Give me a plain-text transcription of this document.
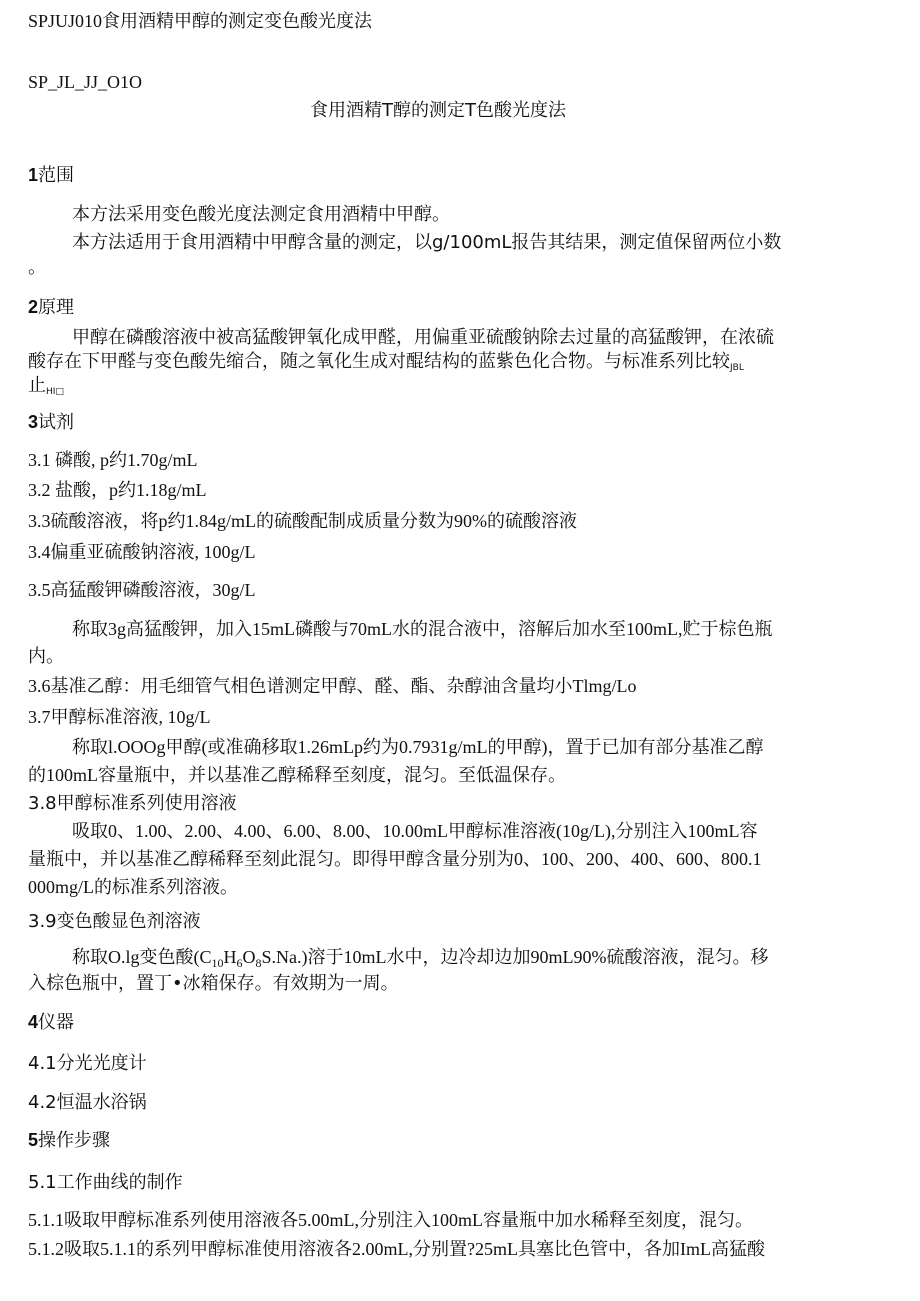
SPJUJ010食用酒精甲醇的测定变色酸光度法
SP_JL_JJ_O1O
食用酒精T醇的测定T色酸光度法
1范围
本方法采用变色酸光度法测定食用酒精中甲醇。
本方法适用于食用酒精中甲醇含量的测定，以g/100mL报告其结果，测定值保留两位小数
。
2原理
甲醇在磷酸溶液中被高猛酸钾氧化成甲醛，用偏重亚硫酸钠除去过量的高猛酸钾，在浓硫
酸存在下甲醛与变色酸先缩合，随之氧化生成对醌结构的蓝紫色化合物。与标准系列比较JBL
止HI□
3试剂
3.1 磷酸, p约1.70g/mL
3.2 盐酸，p约1.18g/mL
3.3硫酸溶液，将p约1.84g/mL的硫酸配制成质量分数为90%的硫酸溶液
3.4偏重亚硫酸钠溶液, 100g/L
3.5高猛酸钾磷酸溶液，30g/L
称取3g高猛酸钾，加入15mL磷酸与70mL水的混合液中，溶解后加水至100mL,贮于棕色瓶
内。
3.6基准乙醇：用毛细管气相色谱测定甲醇、醛、酯、杂醇油含量均小Tlmg/Lo
3.7甲醇标准溶液, 10g/L
称取l.OOOg甲醇(或准确移取1.26mLp约为0.7931g/mL的甲醇)，置于已加有部分基准乙醇
的100mL容量瓶中，并以基准乙醇稀释至刻度，混匀。至低温保存。
3.8甲醇标准系列使用溶液
吸取0、1.00、2.00、4.00、6.00、8.00、10.00mL甲醇标准溶液(10g/L),分别注入100mL容
量瓶中，并以基准乙醇稀释至刻此混匀。即得甲醇含量分别为0、100、200、400、600、800.1
000mg/L的标准系列溶液。
3.9变色酸显色剂溶液
称取O.lg变色酸$(C_{10}H_6O_8S.Na.)$溶于10mL水中，边冷却边加90mL90%硫酸溶液，混匀。移
入棕色瓶中，置丁•冰箱保存。有效期为一周。
4仪器
4.1分光光度计
4.2恒温水浴锅
5操作步骤
5.1工作曲线的制作
5.1.1吸取甲醇标准系列使用溶液各5.00mL,分别注入100mL容量瓶中加水稀释至刻度，混匀。
5.1.2吸取5.1.1的系列甲醇标准使用溶液各2.00mL,分别置?25mL具塞比色管中，各加ImL高猛酸
